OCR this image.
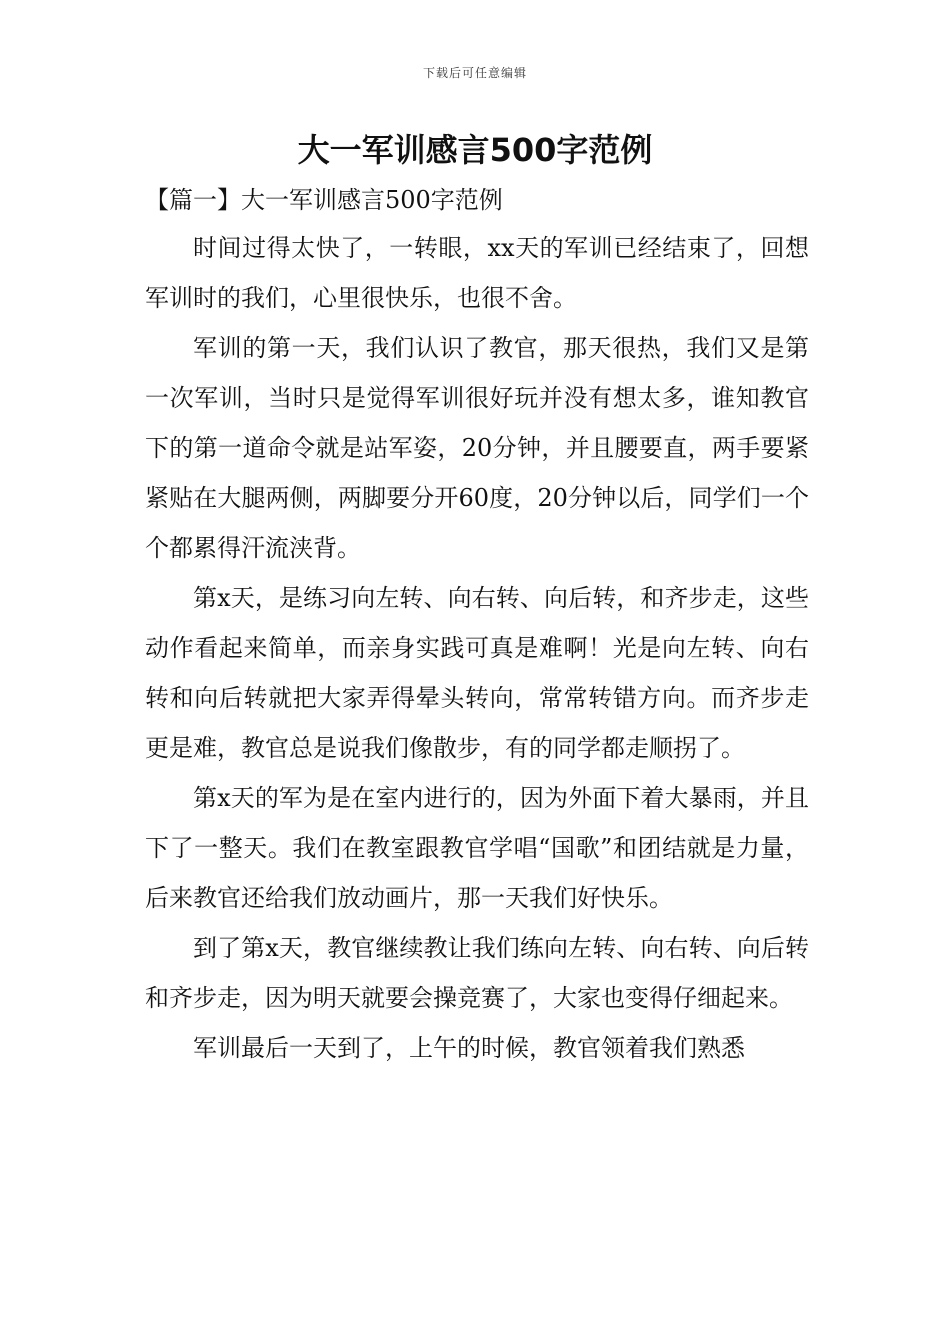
下载后可任意编辑
大一军训感言500字范例
【篇一】大一军训感言500字范例

时间过得太快了，一转眼，xx天的军训已经结束了，回想军训时的我们，心里很快乐，也很不舍。

军训的第一天，我们认识了教官，那天很热，我们又是第一次军训，当时只是觉得军训很好玩并没有想太多，谁知教官下的第一道命令就是站军姿，20分钟，并且腰要直，两手要紧紧贴在大腿两侧，两脚要分开60度，20分钟以后，同学们一个个都累得汗流浃背。

第x天，是练习向左转、向右转、向后转，和齐步走，这些动作看起来简单，而亲身实践可真是难啊！光是向左转、向右转和向后转就把大家弄得晕头转向，常常转错方向。而齐步走更是难，教官总是说我们像散步，有的同学都走顺拐了。

第x天的军为是在室内进行的，因为外面下着大暴雨，并且下了一整天。我们在教室跟教官学唱“国歌”和团结就是力量，后来教官还给我们放动画片，那一天我们好快乐。

到了第x天，教官继续教让我们练向左转、向右转、向后转和齐步走，因为明天就要会操竞赛了，大家也变得仔细起来。

军训最后一天到了，上午的时候，教官领着我们熟悉
